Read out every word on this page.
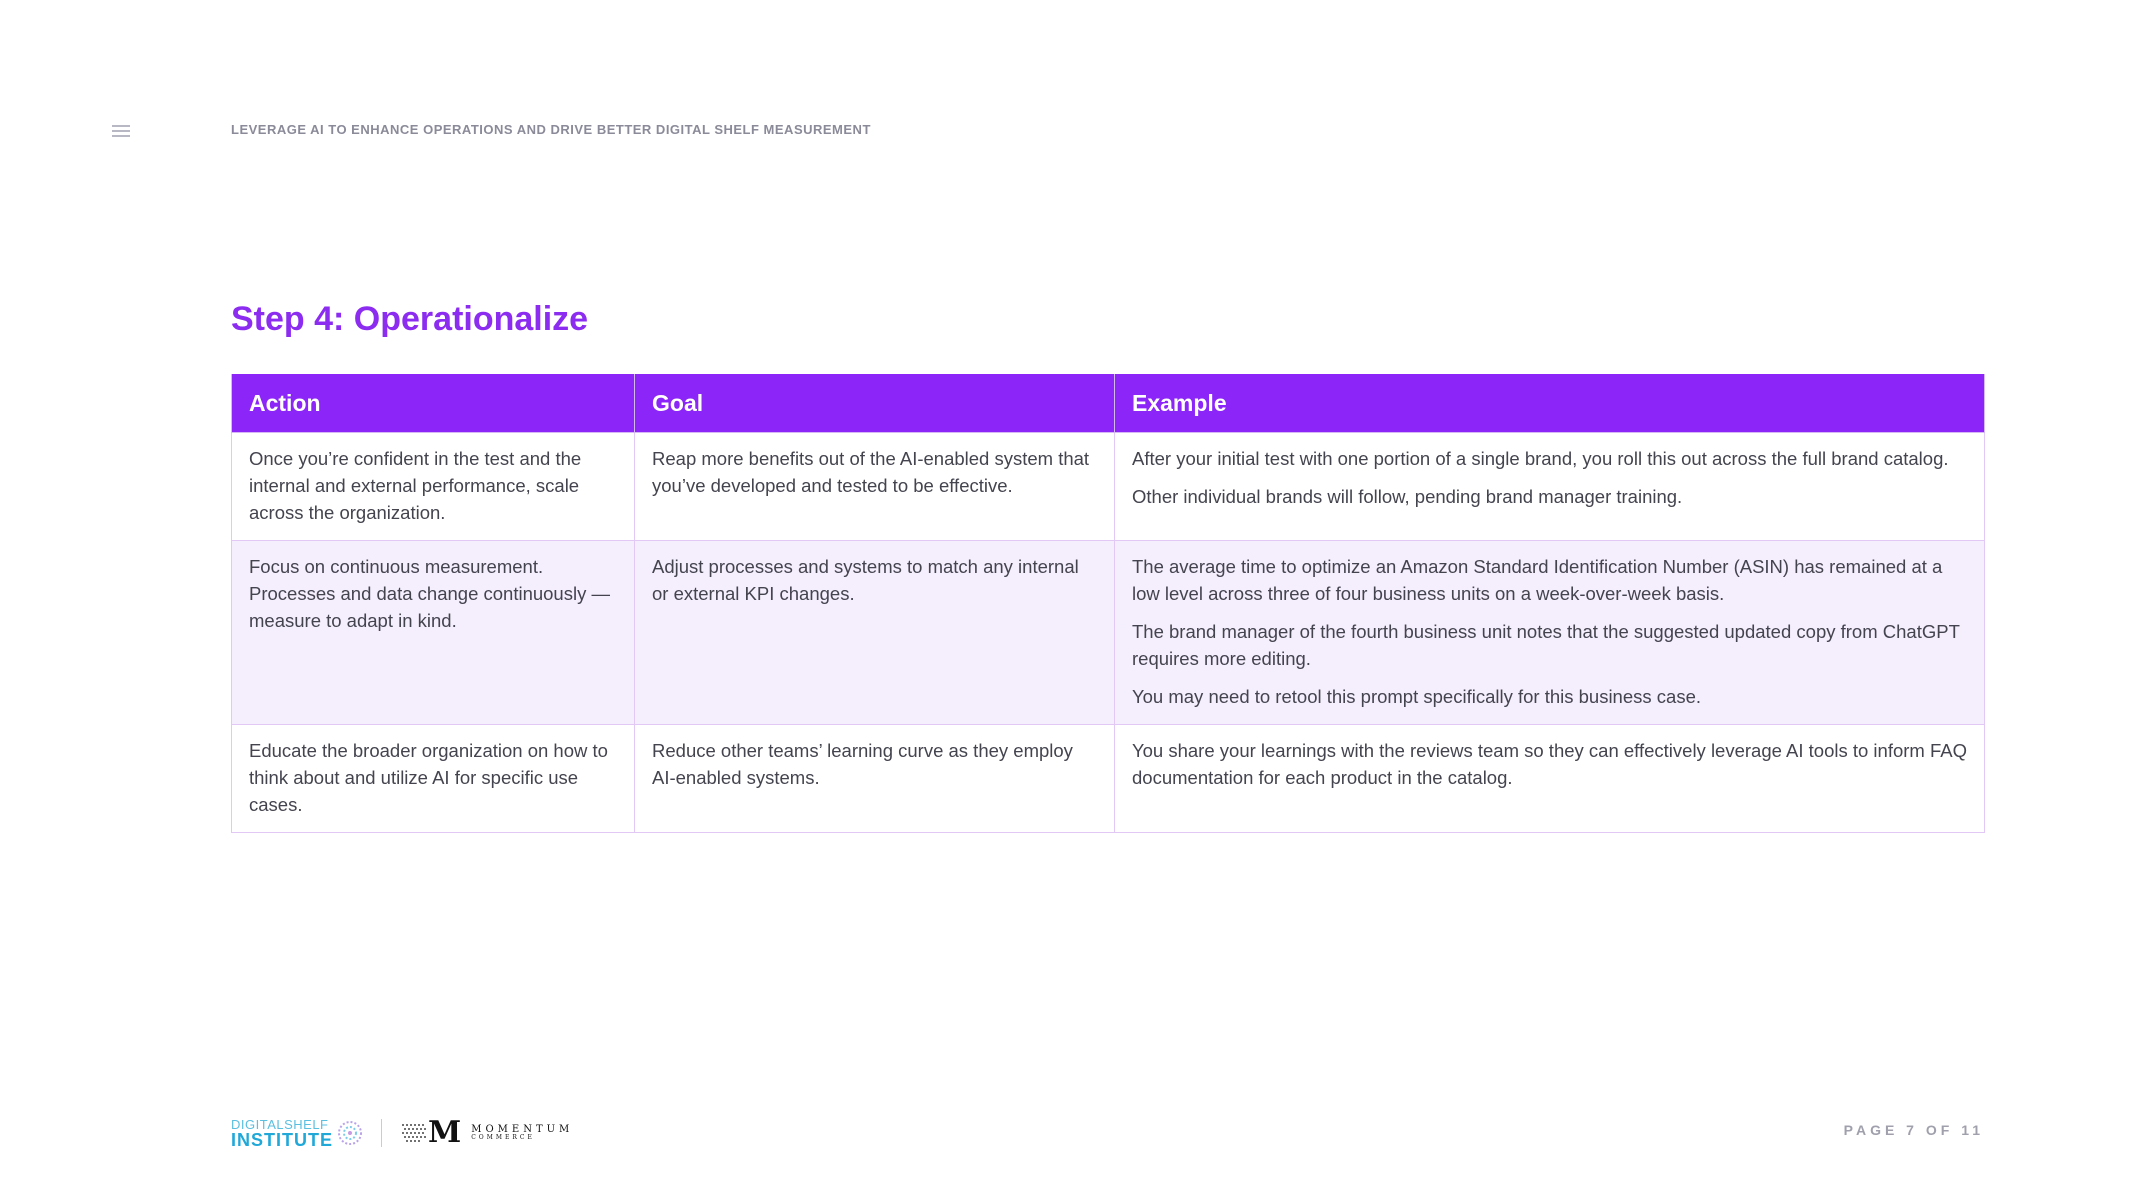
LEVERAGE AI TO ENHANCE OPERATIONS AND DRIVE BETTER DIGITAL SHELF MEASUREMENT
Step 4: Operationalize
Action	Goal	Example
Once you’re confident in the test and the internal and external performance, scale across the organization.	Reap more benefits out of the AI-enabled system that you’ve developed and tested to be effective.	After your initial test with one portion of a single brand, you roll this out across the full brand catalog.

Other individual brands will follow, pending brand manager training.

Focus on continuous measurement. Processes and data change continuously — measure to adapt in kind.	Adjust processes and systems to match any internal or external KPI changes.	The average time to optimize an Amazon Standard Identification Number (ASIN) has remained at a low level across three of four business units on a week-over-week basis.

The brand manager of the fourth business unit notes that the suggested updated copy from ChatGPT requires more editing.

You may need to retool this prompt specifically for this business case.

Educate the broader organization on how to think about and utilize AI for specific use cases.	Reduce other teams’ learning curve as they employ AI-enabled systems.	You share your learnings with the reviews team so they can effectively leverage AI tools to inform FAQ documentation for each product in the catalog.

DIGITALSHELF
INSTITUTE	M MOMENTUM
COMMERCE	PAGE 7 OF 11
